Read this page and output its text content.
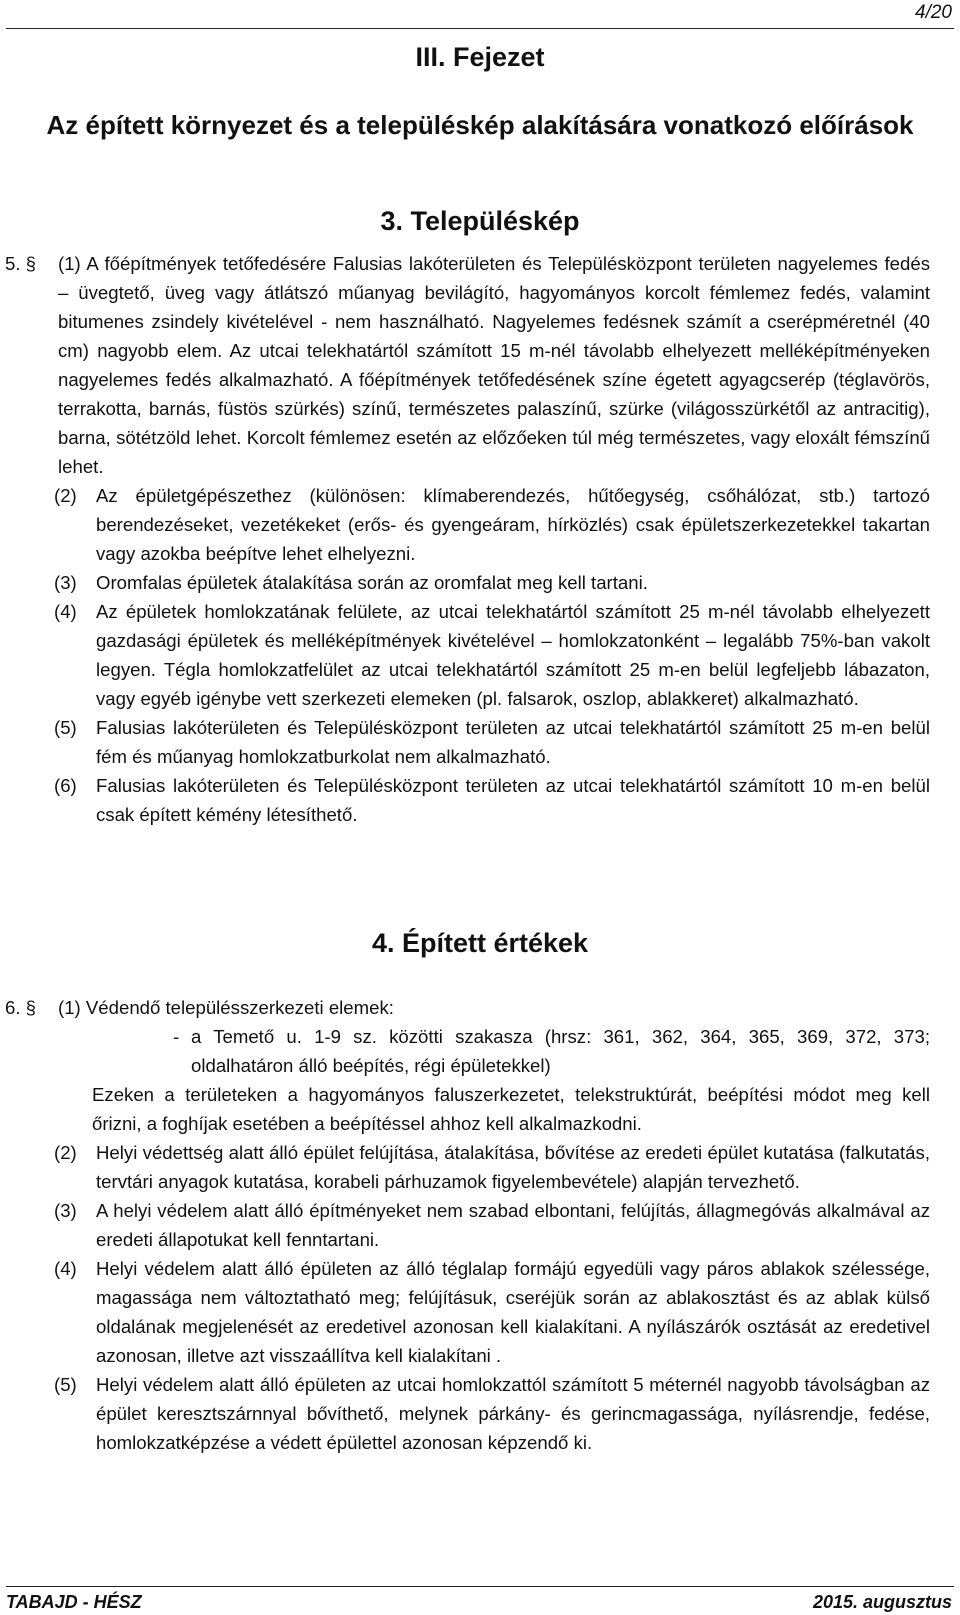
4/20
III. Fejezet
Az épített környezet és a településkép alakítására vonatkozó előírások
3. Településkép
5. § (1) A főépítmények tetőfedésére Falusias lakóterületen és Településközpont területen nagyelemes fedés – üvegtető, üveg vagy átlátszó műanyag bevilágító, hagyományos korcolt fémlemez fedés, valamint bitumenes zsindely kivételével - nem használható. Nagyelemes fedésnek számít a cserépméretnél (40 cm) nagyobb elem. Az utcai telekhatártól számított 15 m-nél távolabb elhelyezett melléképítményeken nagyelemes fedés alkalmazható. A főépítmények tetőfedésének színe égetett agyagcserép (téglavörös, terrakotta, barnás, füstös szürkés) színű, természetes palaszínű, szürke (világosszürkétől az antracitig), barna, sötétzöld lehet. Korcolt fémlemez esetén az előzőeken túl még természetes, vagy eloxált fémszínű lehet.
(2) Az épületgépészethez (különösen: klímaberendezés, hűtőegység, csőhálózat, stb.) tartozó berendezéseket, vezetékeket (erős- és gyengeáram, hírközlés) csak épületszerkezetekkel takartan vagy azokba beépítve lehet elhelyezni.
(3) Oromfalas épületek átalakítása során az oromfalat meg kell tartani.
(4) Az épületek homlokzatának felülete, az utcai telekhatártól számított 25 m-nél távolabb elhelyezett gazdasági épületek és melléképítmények kivételével – homlokzatonként – legalább 75%-ban vakolt legyen. Tégla homlokzatfelület az utcai telekhatártól számított 25 m-en belül legfeljebb lábazaton, vagy egyéb igénybe vett szerkezeti elemeken (pl. falsarok, oszlop, ablakkeret) alkalmazható.
(5) Falusias lakóterületen és Településközpont területen az utcai telekhatártól számított 25 m-en belül fém és műanyag homlokzatburkolat nem alkalmazható.
(6) Falusias lakóterületen és Településközpont területen az utcai telekhatártól számított 10 m-en belül csak épített kémény létesíthető.
4. Épített értékek
6. § (1) Védendő településszerkezeti elemek:
- a Temető u. 1-9 sz. közötti szakasza (hrsz: 361, 362, 364, 365, 369, 372, 373; oldalhatáron álló beépítés, régi épületekkel)
Ezeken a területeken a hagyományos faluszerkezetet, telekstruktúrát, beépítési módot meg kell őrizni, a foghíjak esetében a beépítéssel ahhoz kell alkalmazkodni.
(2) Helyi védettség alatt álló épület felújítása, átalakítása, bővítése az eredeti épület kutatása (falkutatás, tervtári anyagok kutatása, korabeli párhuzamok figyelembevétele) alapján tervezhető.
(3) A helyi védelem alatt álló építményeket nem szabad elbontani, felújítás, állagmegóvás alkalmával az eredeti állapotukat kell fenntartani.
(4) Helyi védelem alatt álló épületen az álló téglalap formájú egyedüli vagy páros ablakok szélessége, magassága nem változtatható meg; felújításuk, cseréjük során az ablakosztást és az ablak külső oldalának megjelenését az eredetivel azonosan kell kialakítani. A nyílászárók osztását az eredetivel azonosan, illetve azt visszaállítva kell kialakítani .
(5) Helyi védelem alatt álló épületen az utcai homlokzattól számított 5 méternél nagyobb távolságban az épület keresztszárnnyal bővíthető, melynek párkány- és gerincmagassága, nyílásrendje, fedése, homlokzatképzése a védett épülettel azonosan képzendő ki.
TABAJD - HÉSZ	2015. augusztus
